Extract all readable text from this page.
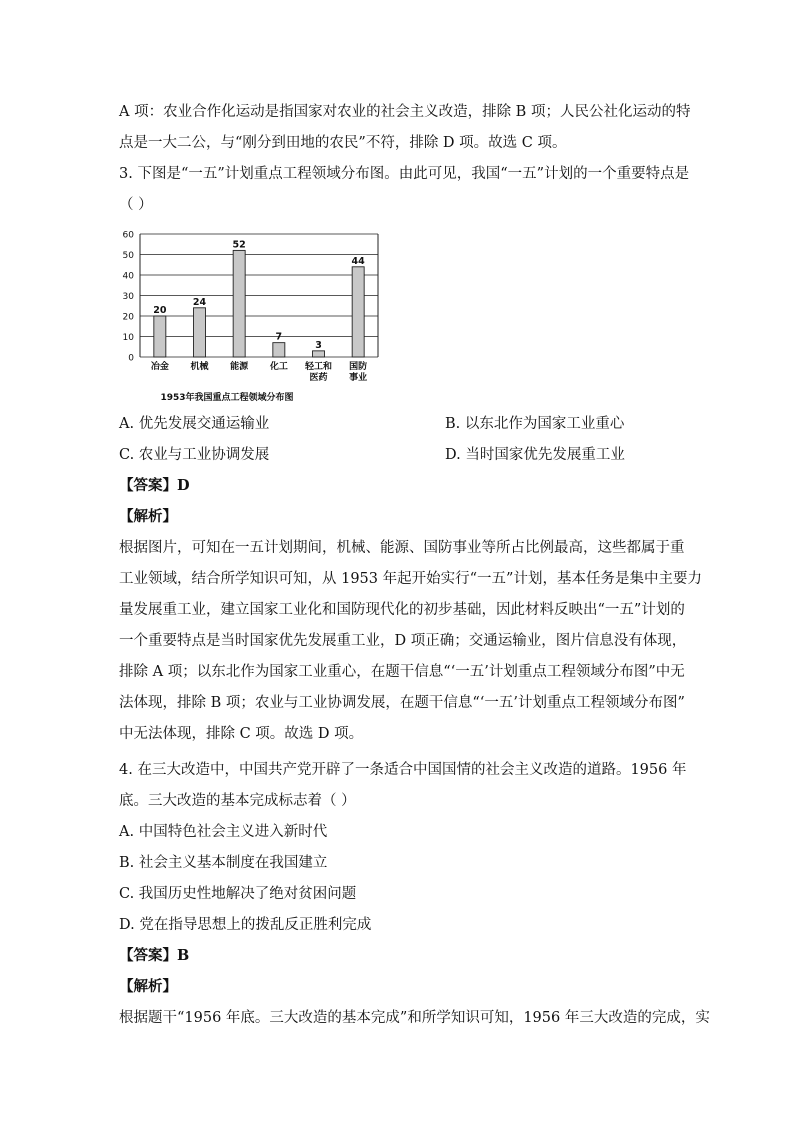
A 项：农业合作化运动是指国家对农业的社会主义改造，排除 B 项；人民公社化运动的特
点是一大二公，与“刚分到田地的农民”不符，排除 D 项。故选 C 项。
3. 下图是“一五”计划重点工程领域分布图。由此可见，我国“一五”计划的一个重要特点是
（ ）
0
10
20
30
40
50
60
20
24
52
7
3
44
冶金 机械 能源 化工 轻工和
医药
国防
事业
1953年我国重点工程领域分布图
A. 优先发展交通运输业	B. 以东北作为国家工业重心
C. 农业与工业协调发展	D. 当时国家优先发展重工业
【答案】D
【解析】
根据图片，可知在一五计划期间，机械、能源、国防事业等所占比例最高，这些都属于重
工业领域，结合所学知识可知，从 1953 年起开始实行“一五”计划，基本任务是集中主要力
量发展重工业，建立国家工业化和国防现代化的初步基础，因此材料反映出“一五”计划的
一个重要特点是当时国家优先发展重工业，D 项正确；交通运输业，图片信息没有体现，
排除 A 项；以东北作为国家工业重心，在题干信息“‘一五’计划重点工程领域分布图”中无
法体现，排除 B 项；农业与工业协调发展，在题干信息“‘一五’计划重点工程领域分布图”
中无法体现，排除 C 项。故选 D 项。
4. 在三大改造中，中国共产党开辟了一条适合中国国情的社会主义改造的道路。1956 年
底。三大改造的基本完成标志着（ ）
A. 中国特色社会主义进入新时代
B. 社会主义基本制度在我国建立
C. 我国历史性地解决了绝对贫困问题
D. 党在指导思想上的拨乱反正胜利完成
【答案】B
【解析】
根据题干“1956 年底。三大改造的基本完成”和所学知识可知，1956 年三大改造的完成，实
